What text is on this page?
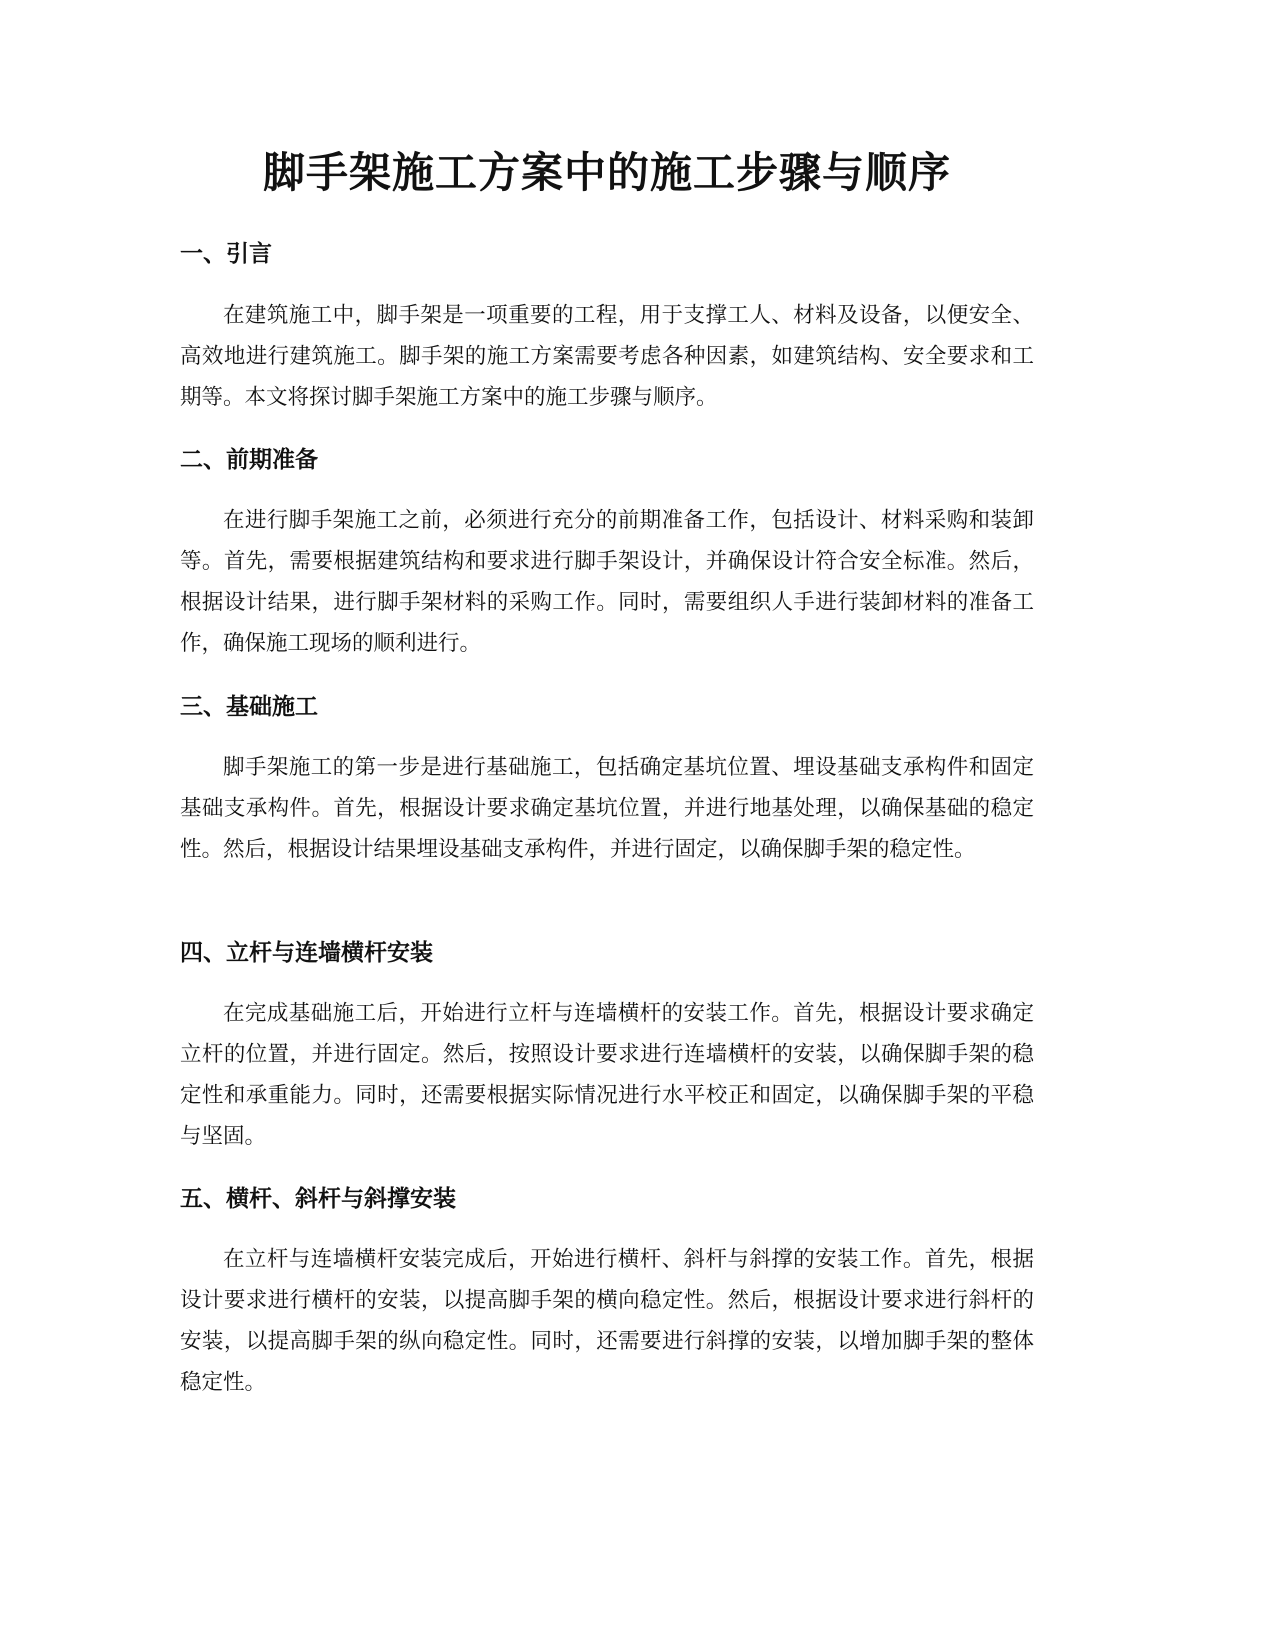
脚手架施工方案中的施工步骤与顺序
一、引言

在建筑施工中，脚手架是一项重要的工程，用于支撑工人、材料及设备，以便安全、高效地进行建筑施工。脚手架的施工方案需要考虑各种因素，如建筑结构、安全要求和工期等。本文将探讨脚手架施工方案中的施工步骤与顺序。

二、前期准备

在进行脚手架施工之前，必须进行充分的前期准备工作，包括设计、材料采购和装卸等。首先，需要根据建筑结构和要求进行脚手架设计，并确保设计符合安全标准。然后，根据设计结果，进行脚手架材料的采购工作。同时，需要组织人手进行装卸材料的准备工作，确保施工现场的顺利进行。

三、基础施工

脚手架施工的第一步是进行基础施工，包括确定基坑位置、埋设基础支承构件和固定基础支承构件。首先，根据设计要求确定基坑位置，并进行地基处理，以确保基础的稳定性。然后，根据设计结果埋设基础支承构件，并进行固定，以确保脚手架的稳定性。

四、立杆与连墙横杆安装

在完成基础施工后，开始进行立杆与连墙横杆的安装工作。首先，根据设计要求确定立杆的位置，并进行固定。然后，按照设计要求进行连墙横杆的安装，以确保脚手架的稳定性和承重能力。同时，还需要根据实际情况进行水平校正和固定，以确保脚手架的平稳与坚固。

五、横杆、斜杆与斜撑安装

在立杆与连墙横杆安装完成后，开始进行横杆、斜杆与斜撑的安装工作。首先，根据设计要求进行横杆的安装，以提高脚手架的横向稳定性。然后，根据设计要求进行斜杆的安装，以提高脚手架的纵向稳定性。同时，还需要进行斜撑的安装，以增加脚手架的整体稳定性。
